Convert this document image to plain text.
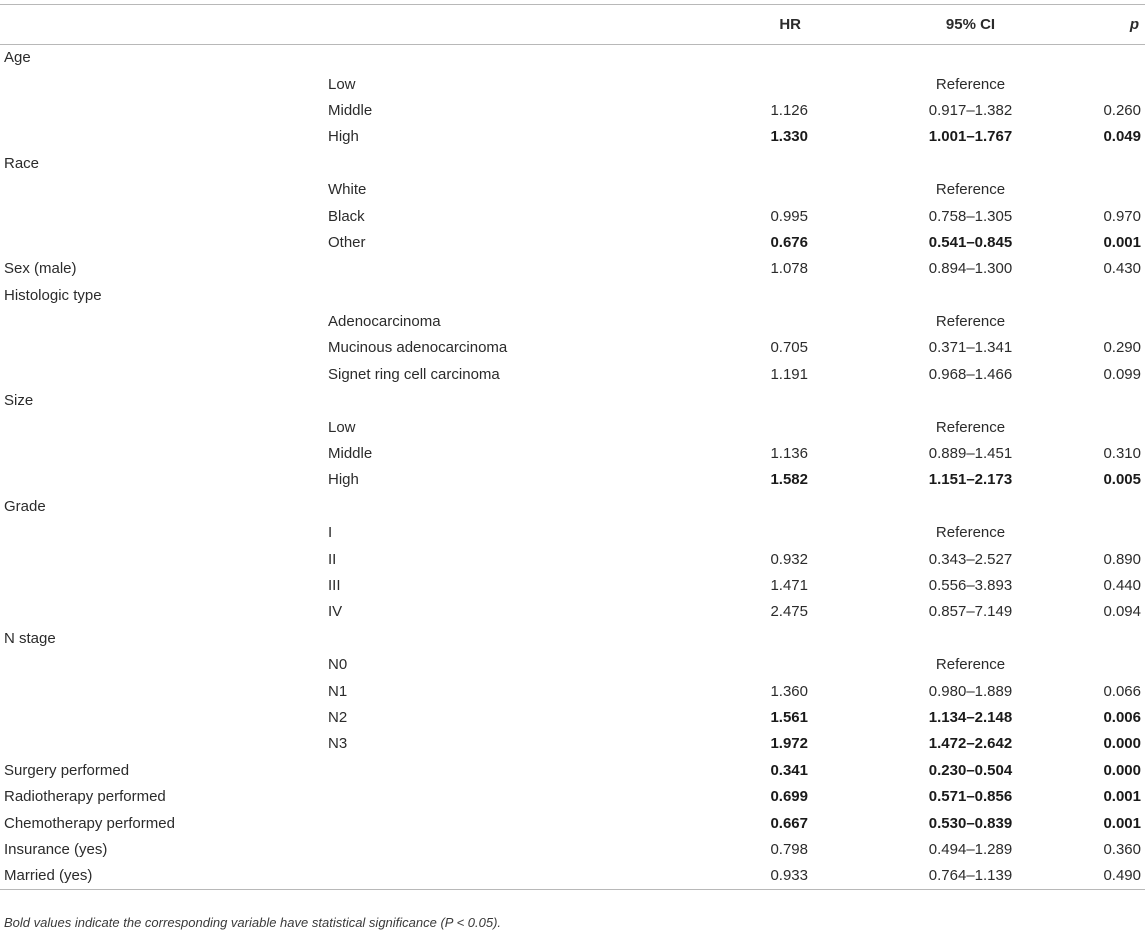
		HR	95% CI	p
Age				
	Low		Reference	
	Middle	1.126	0.917–1.382	0.260
	High	1.330	1.001–1.767	0.049
Race				
	White		Reference	
	Black	0.995	0.758–1.305	0.970
	Other	0.676	0.541–0.845	0.001
Sex (male)		1.078	0.894–1.300	0.430
Histologic type				
	Adenocarcinoma		Reference	
	Mucinous adenocarcinoma	0.705	0.371–1.341	0.290
	Signet ring cell carcinoma	1.191	0.968–1.466	0.099
Size				
	Low		Reference	
	Middle	1.136	0.889–1.451	0.310
	High	1.582	1.151–2.173	0.005
Grade				
	I		Reference	
	II	0.932	0.343–2.527	0.890
	III	1.471	0.556–3.893	0.440
	IV	2.475	0.857–7.149	0.094
N stage				
	N0		Reference	
	N1	1.360	0.980–1.889	0.066
	N2	1.561	1.134–2.148	0.006
	N3	1.972	1.472–2.642	0.000
Surgery performed		0.341	0.230–0.504	0.000
Radiotherapy performed		0.699	0.571–0.856	0.001
Chemotherapy performed		0.667	0.530–0.839	0.001
Insurance (yes)		0.798	0.494–1.289	0.360
Married (yes)		0.933	0.764–1.139	0.490
Bold values indicate the corresponding variable have statistical significance (P < 0.05).
